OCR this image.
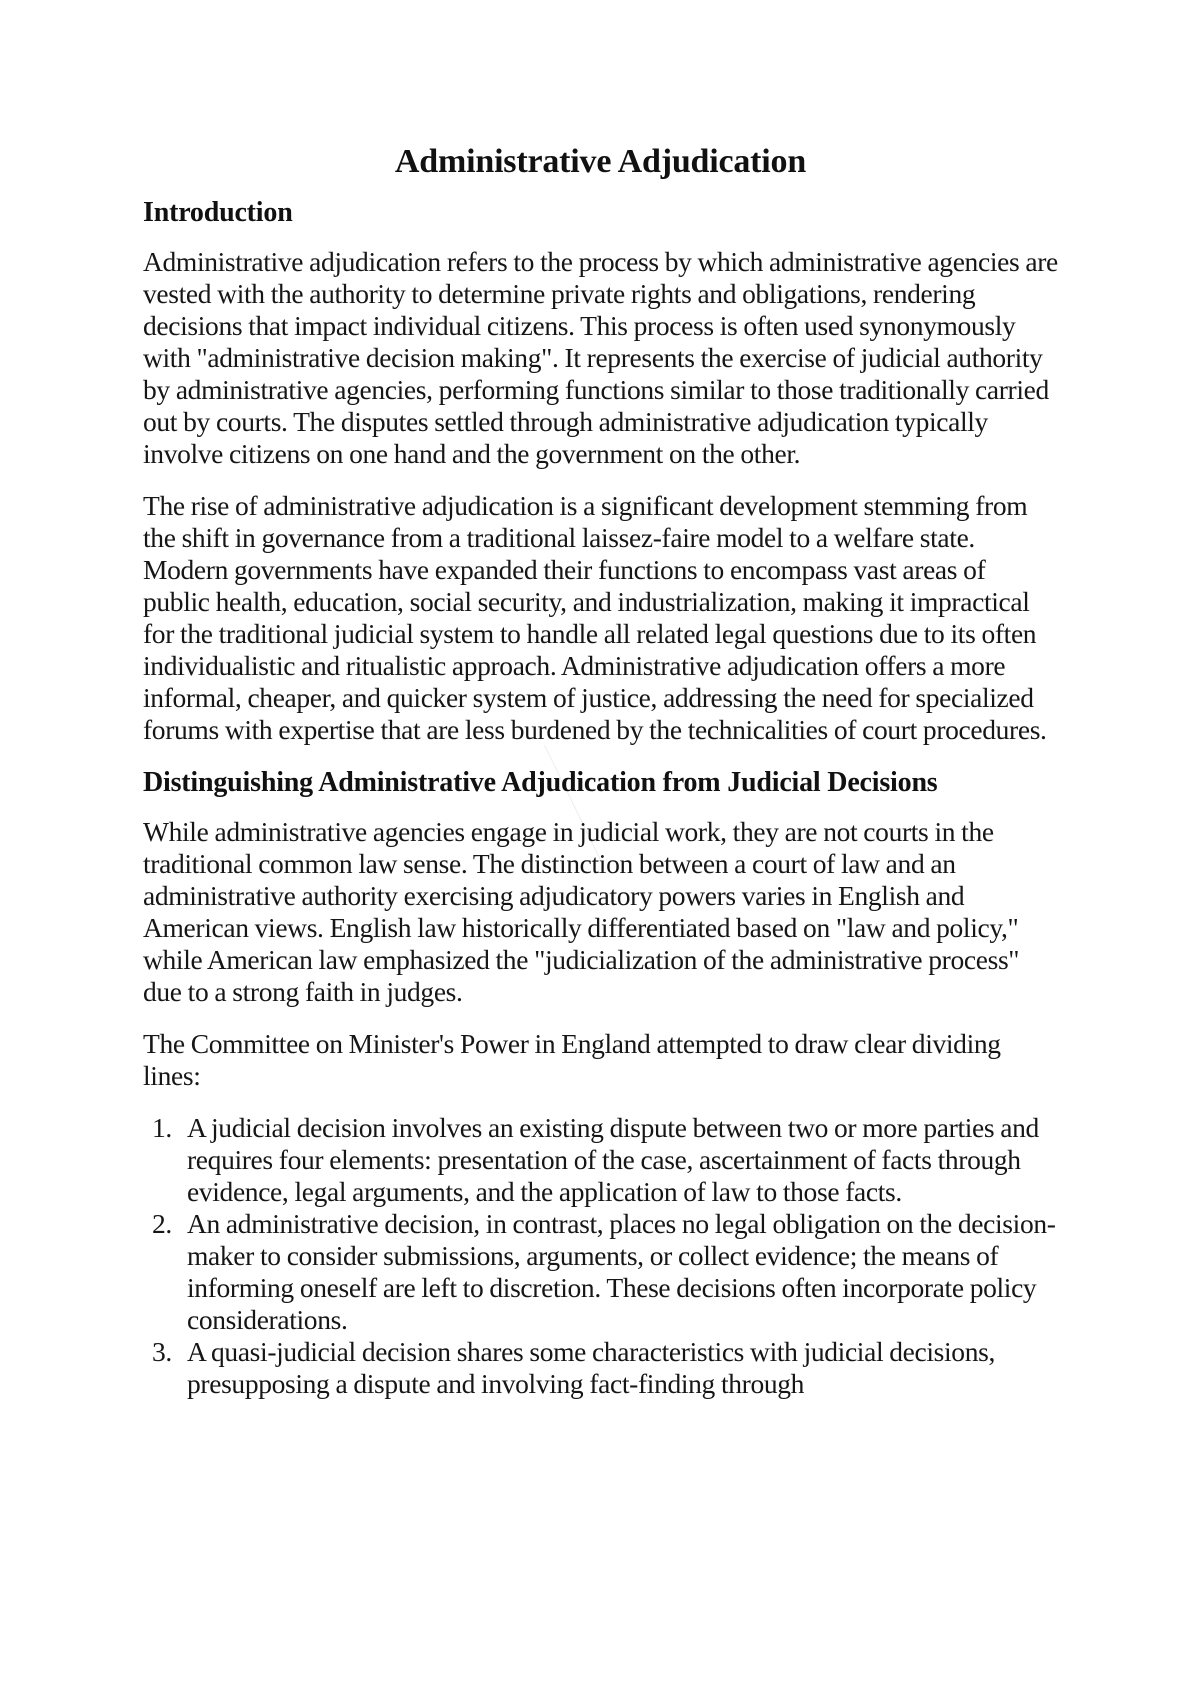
Administrative Adjudication
Introduction

Administrative adjudication refers to the process by which administrative agencies are vested with the authority to determine private rights and obligations, rendering decisions that impact individual citizens. This process is often used synonymously with "administrative decision making". It represents the exercise of judicial authority by administrative agencies, performing functions similar to those traditionally carried out by courts. The disputes settled through administrative adjudication typically involve citizens on one hand and the government on the other.

The rise of administrative adjudication is a significant development stemming from the shift in governance from a traditional laissez-faire model to a welfare state. Modern governments have expanded their functions to encompass vast areas of public health, education, social security, and industrialization, making it impractical for the traditional judicial system to handle all related legal questions due to its often individualistic and ritualistic approach. Administrative adjudication offers a more informal, cheaper, and quicker system of justice, addressing the need for specialized forums with expertise that are less burdened by the technicalities of court procedures.

Distinguishing Administrative Adjudication from Judicial Decisions

While administrative agencies engage in judicial work, they are not courts in the traditional common law sense. The distinction between a court of law and an administrative authority exercising adjudicatory powers varies in English and American views. English law historically differentiated based on "law and policy," while American law emphasized the "judicialization of the administrative process" due to a strong faith in judges.

The Committee on Minister's Power in England attempted to draw clear dividing lines:

A judicial decision involves an existing dispute between two or more parties and requires four elements: presentation of the case, ascertainment of facts through evidence, legal arguments, and the application of law to those facts.
An administrative decision, in contrast, places no legal obligation on the decision-maker to consider submissions, arguments, or collect evidence; the means of informing oneself are left to discretion. These decisions often incorporate policy considerations.
A quasi-judicial decision shares some characteristics with judicial decisions, presupposing a dispute and involving fact-finding through
